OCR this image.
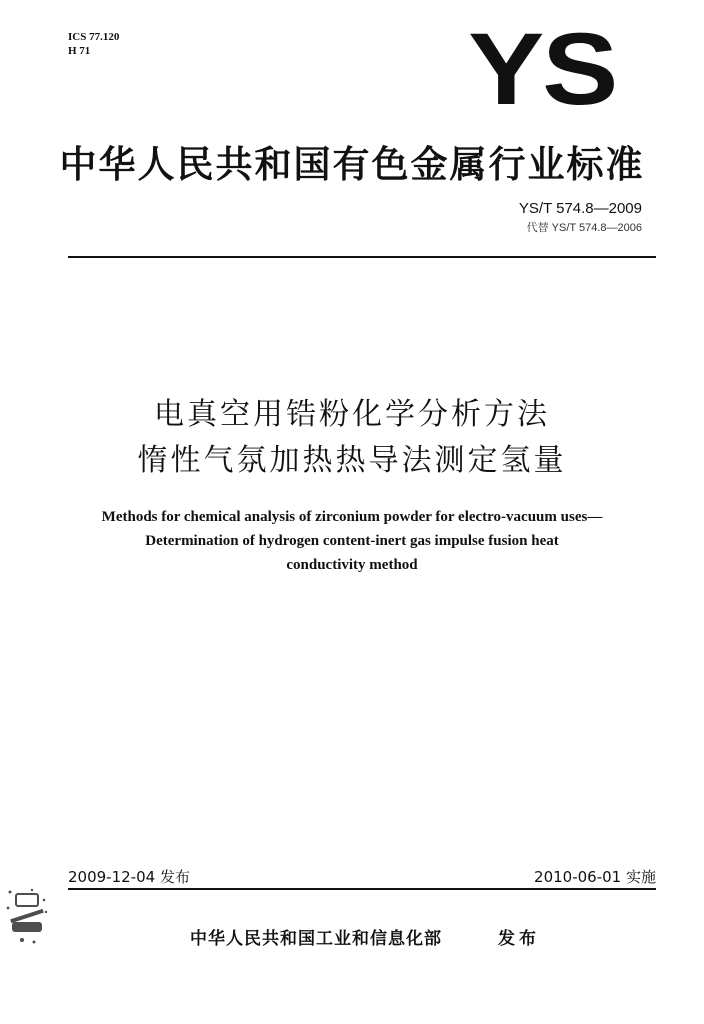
ICS 77.120
H 71	YS
中华人民共和国有色金属行业标准
YS/T 574.8—2009
代替 YS/T 574.8—2006
电真空用锆粉化学分析方法
惰性气氛加热热导法测定氢量
Methods for chemical analysis of zirconium powder for electro-vacuum uses—
Determination of hydrogen content-inert gas impulse fusion heat
conductivity method
2009-12-04 发布	2010-06-01 实施
中华人民共和国工业和信息化部	发布
